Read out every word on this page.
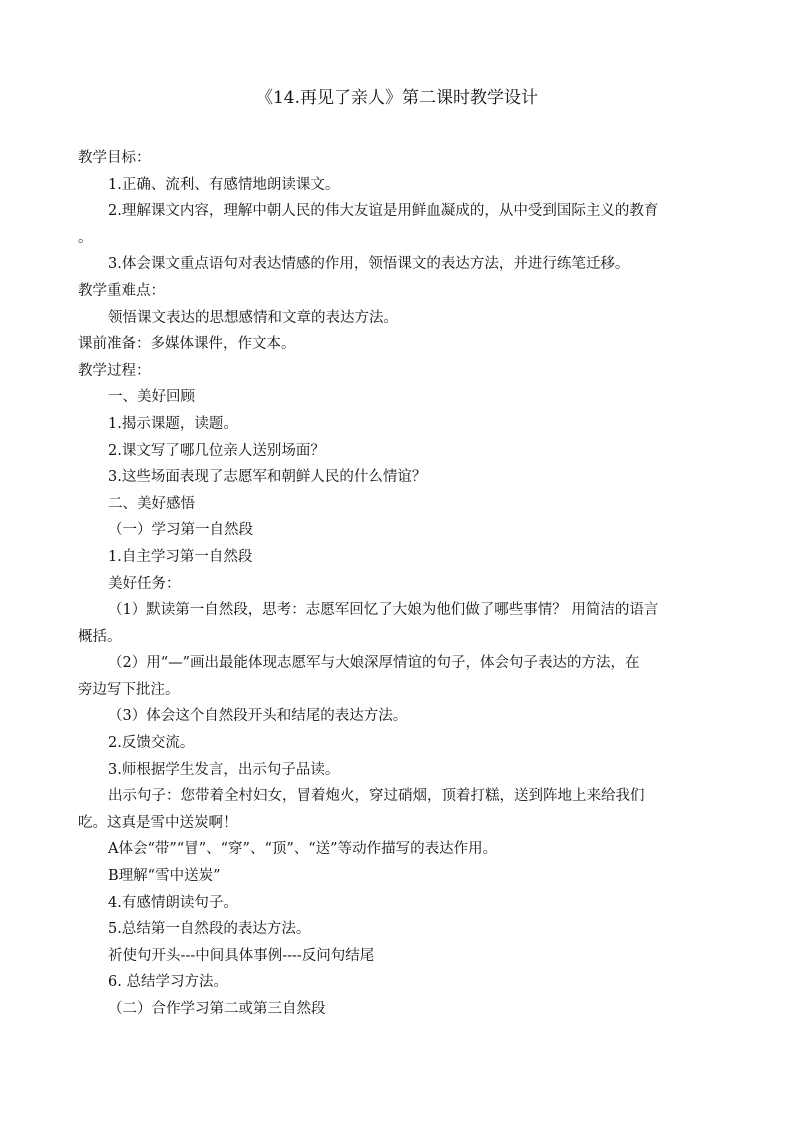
《14.再见了亲人》第二课时教学设计
教学目标：
1.正确、流利、有感情地朗读课文。
2.理解课文内容，理解中朝人民的伟大友谊是用鲜血凝成的，从中受到国际主义的教育
。
3.体会课文重点语句对表达情感的作用，领悟课文的表达方法，并进行练笔迁移。
教学重难点：
领悟课文表达的思想感情和文章的表达方法。
课前准备：多媒体课件，作文本。
教学过程：
一、美好回顾
1.揭示课题，读题。
2.课文写了哪几位亲人送别场面？
3.这些场面表现了志愿军和朝鲜人民的什么情谊？
二、美好感悟
（一）学习第一自然段
1.自主学习第一自然段
美好任务：
（1）默读第一自然段，思考：志愿军回忆了大娘为他们做了哪些事情？ 用简洁的语言
概括。
（2）用“—”画出最能体现志愿军与大娘深厚情谊的句子，体会句子表达的方法，在
旁边写下批注。
（3）体会这个自然段开头和结尾的表达方法。
2.反馈交流。
3.师根据学生发言，出示句子品读。
出示句子：您带着全村妇女，冒着炮火，穿过硝烟，顶着打糕，送到阵地上来给我们
吃。这真是雪中送炭啊！
A体会“带”“冒”、“穿”、“顶”、“送”等动作描写的表达作用。
B理解“雪中送炭”
4.有感情朗读句子。
5.总结第一自然段的表达方法。
祈使句开头---中间具体事例----反问句结尾
6. 总结学习方法。
（二）合作学习第二或第三自然段
